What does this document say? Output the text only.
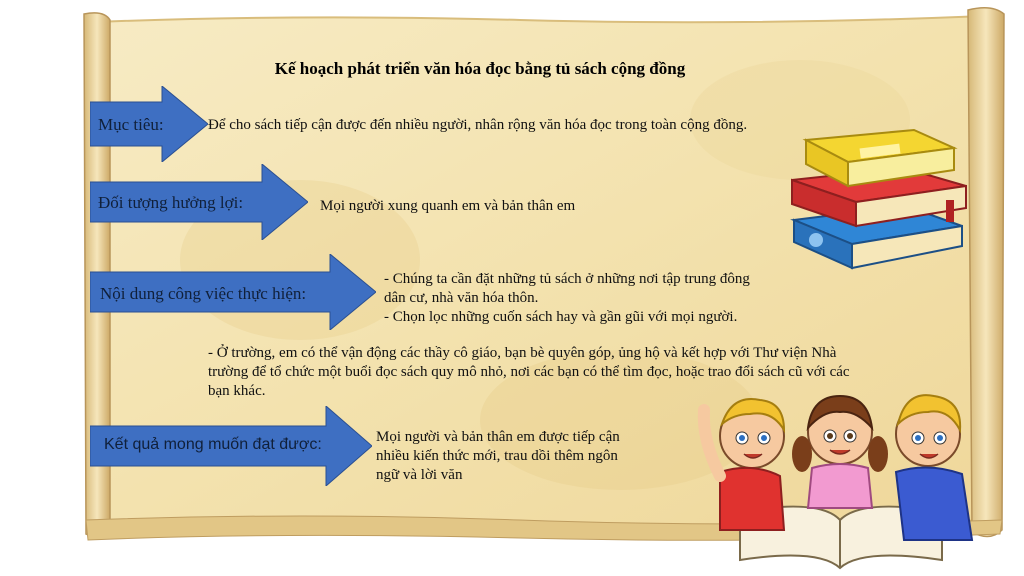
Kế hoạch phát triển văn hóa đọc bằng tủ sách cộng đồng
Mục tiêu:	Để cho sách tiếp cận được đến nhiều người, nhân rộng văn hóa đọc trong toàn cộng đồng.
Đối tượng hưởng lợi:	Mọi người xung quanh em và bản thân em
Nội dung công việc thực hiện:
- Chúng ta cần đặt những tủ sách ở những nơi tập trung đông
dân cư, nhà văn hóa thôn.
- Chọn lọc những cuốn sách hay và gần gũi với mọi người.
- Ở trường, em có thể vận động các thầy cô giáo, bạn bè quyên góp, ủng hộ và kết hợp với Thư viện Nhà
trường để tổ chức một buổi đọc sách quy mô nhỏ, nơi các bạn có thể tìm đọc, hoặc trao đổi sách cũ với các
bạn khác.
Kết quả mong muốn đạt được:	Mọi người và bản thân em được tiếp cận
nhiều kiến thức mới, trau dồi thêm ngôn
ngữ và lời văn
